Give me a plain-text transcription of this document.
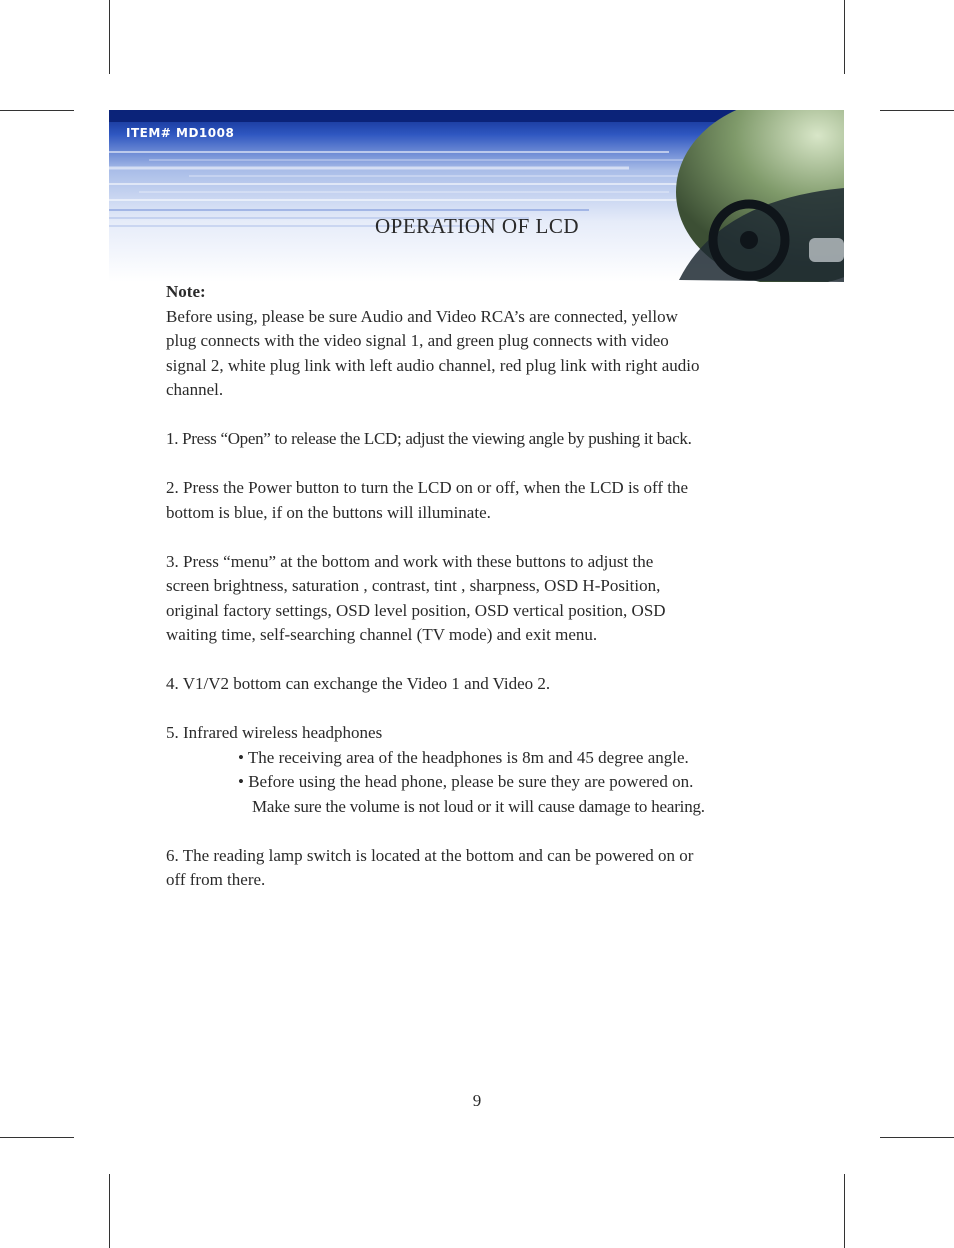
ITEM# MD1008
OPERATION OF LCD

Note:

Before using, please be sure Audio and Video RCA’s are connected, yellow

plug connects with the video signal 1, and green plug connects with video

signal 2, white plug link with left audio channel, red plug link with right audio

channel.

1. Press “Open” to release the LCD; adjust the viewing angle by pushing it back.

2. Press the Power button to turn the LCD on or off, when the LCD is off the

bottom is blue, if on the buttons will illuminate.

3. Press “menu” at the bottom and work with these buttons to adjust the

screen brightness, saturation , contrast, tint , sharpness, OSD H-Position,

original factory settings, OSD level position, OSD vertical position, OSD

waiting time, self-searching channel (TV mode) and exit menu.

4. V1/V2 bottom can exchange the Video 1 and Video 2.

5. Infrared wireless headphones

• The receiving area of the headphones is 8m and 45 degree angle.

• Before using the head phone, please be sure they are powered on.

Make sure the volume is not loud or it will cause damage to hearing.

6. The reading lamp switch is located at the bottom and can be powered on or

off from there.

9
